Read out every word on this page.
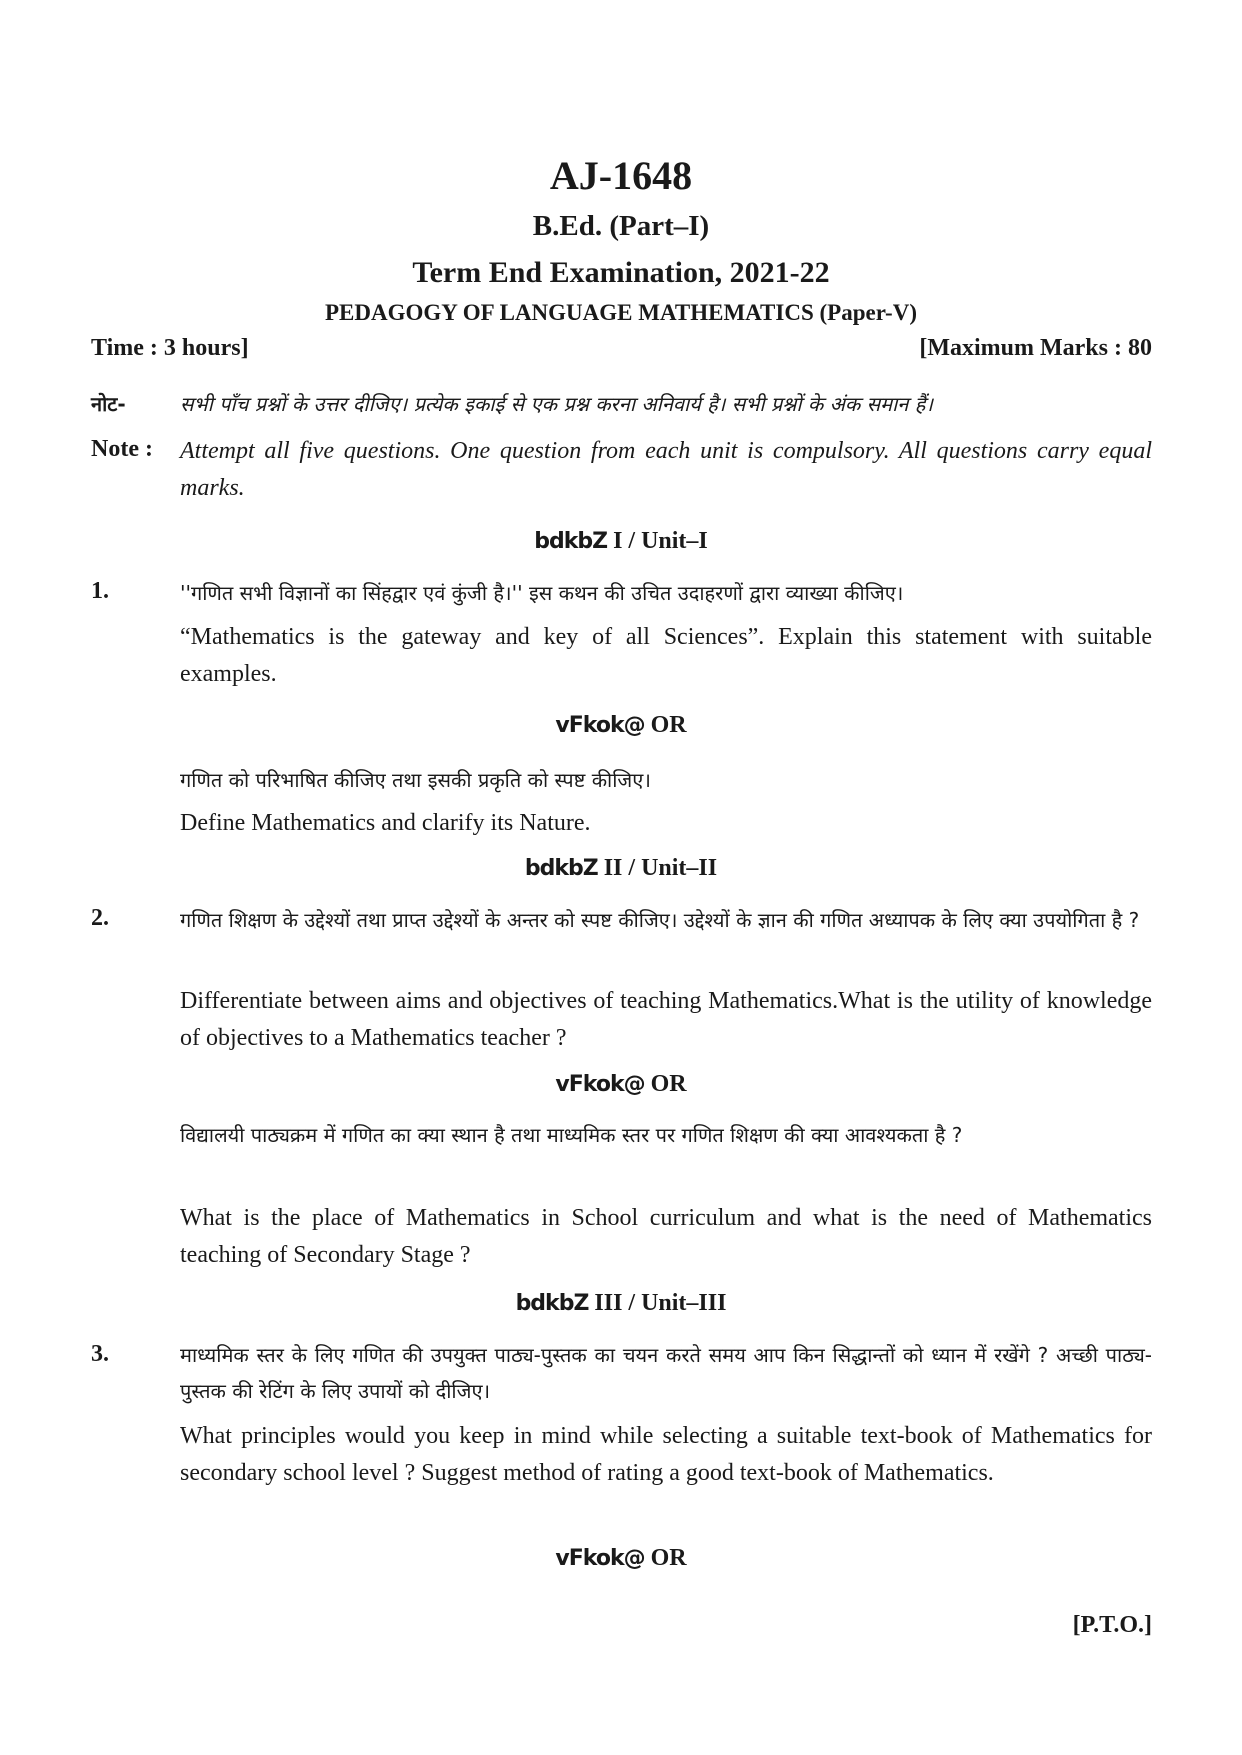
AJ-1648
B.Ed. (Part–I)
Term End Examination, 2021-22
PEDAGOGY OF LANGUAGE MATHEMATICS (Paper-V)
Time : 3 hours]	[Maximum Marks : 80
नोट-	सभी पाँच प्रश्नों के उत्तर दीजिए। प्रत्येक इकाई से एक प्रश्न करना अनिवार्य है। सभी प्रश्नों के अंक समान हैं।
Note : Attempt all five questions. One question from each unit is compulsory. All questions carry equal marks.
bdkbZ I / Unit–I
1.	''गणित सभी विज्ञानों का सिंहद्वार एवं कुंजी है।'' इस कथन की उचित उदाहरणों द्वारा व्याख्या कीजिए।
“Mathematics is the gateway and key of all Sciences”. Explain this statement with suitable examples.
vFkok@ OR
गणित को परिभाषित कीजिए तथा इसकी प्रकृति को स्पष्ट कीजिए।
Define Mathematics and clarify its Nature.
bdkbZ II / Unit–II
2.	गणित शिक्षण के उद्देश्यों तथा प्राप्त उद्देश्यों के अन्तर को स्पष्ट कीजिए। उद्देश्यों के ज्ञान की गणित अध्यापक के लिए क्या उपयोगिता है ?
Differentiate between aims and objectives of teaching Mathematics.What is the utility of knowledge of objectives to a Mathematics teacher ?
vFkok@ OR
विद्यालयी पाठ्यक्रम में गणित का क्या स्थान है तथा माध्यमिक स्तर पर गणित शिक्षण की क्या आवश्यकता है ?
What is the place of Mathematics in School curriculum and what is the need of Mathematics teaching of Secondary Stage ?
bdkbZ III / Unit–III
3.	माध्यमिक स्तर के लिए गणित की उपयुक्त पाठ्य-पुस्तक का चयन करते समय आप किन सिद्धान्तों को ध्यान में रखेंगे ? अच्छी पाठ्य-पुस्तक की रेटिंग के लिए उपायों को दीजिए।
What principles would you keep in mind while selecting a suitable text-book of Mathematics for secondary school level ? Suggest method of rating a good text-book of Mathematics.
vFkok@ OR
[P.T.O.]
